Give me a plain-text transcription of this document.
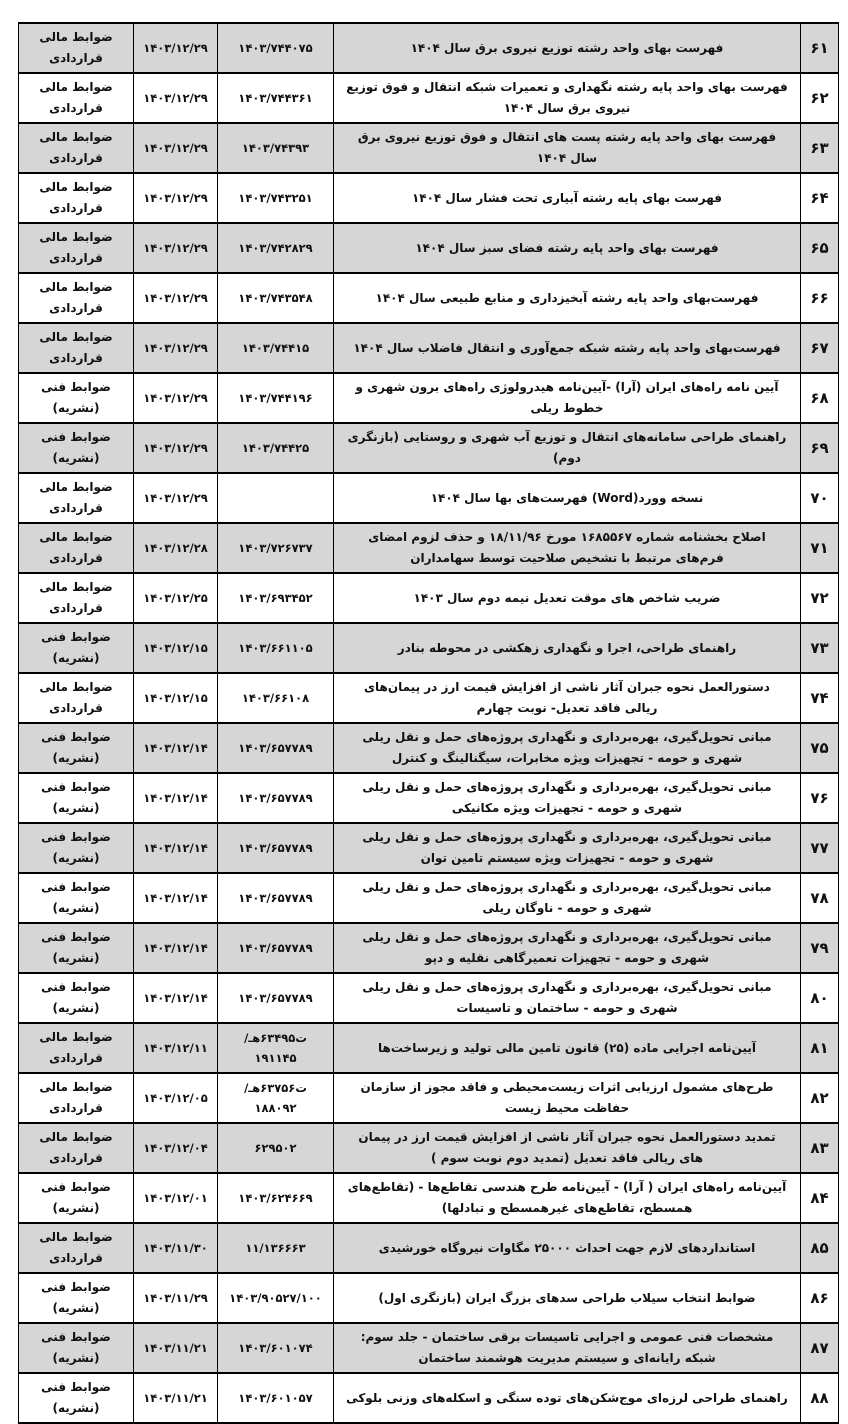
۶۱	فهرست بهای واحد رشته توزیع نیروی برق سال ۱۴۰۴	۱۴۰۳/۷۴۴۰۷۵	۱۴۰۳/۱۲/۲۹	ضوابط مالی قراردادی
۶۲	فهرست بهای واحد پایه رشته نگهداری و تعمیرات شبکه انتقال و فوق توزیع نیروی برق سال ۱۴۰۴	۱۴۰۳/۷۴۴۳۶۱	۱۴۰۳/۱۲/۲۹	ضوابط مالی قراردادی
۶۳	فهرست بهای واحد پایه رشته پست های انتقال و فوق توزیع نیروی برق سال ۱۴۰۴	۱۴۰۳/۷۴۳۹۳	۱۴۰۳/۱۲/۲۹	ضوابط مالی قراردادی
۶۴	فهرست بهای پایه رشته آبیاری تحت فشار سال ۱۴۰۴	۱۴۰۳/۷۴۳۲۵۱	۱۴۰۳/۱۲/۲۹	ضوابط مالی قراردادی
۶۵	فهرست بهای واحد پایه رشته فضای سبز سال ۱۴۰۴	۱۴۰۳/۷۴۲۸۲۹	۱۴۰۳/۱۲/۲۹	ضوابط مالی قراردادی
۶۶	فهرست‌بهای واحد پایه رشته آبخیزداری و منابع طبیعی سال ۱۴۰۴	۱۴۰۳/۷۴۳۵۴۸	۱۴۰۳/۱۲/۲۹	ضوابط مالی قراردادی
۶۷	فهرست‌بهای واحد پایه رشته شبکه جمع‌آوری و انتقال فاضلاب سال ۱۴۰۴	۱۴۰۳/۷۴۴۱۵	۱۴۰۳/۱۲/۲۹	ضوابط مالی قراردادی
۶۸	آیین نامه راه‌های ایران (آرا) -آیین‌نامه هیدرولوژی راه‌های برون شهری و خطوط ریلی	۱۴۰۳/۷۴۴۱۹۶	۱۴۰۳/۱۲/۲۹	ضوابط فنی (نشریه)
۶۹	راهنمای طراحی سامانه‌های انتقال و توزیع آب شهری و روستایی (بازنگری دوم)	۱۴۰۳/۷۴۴۲۵	۱۴۰۳/۱۲/۲۹	ضوابط فنی (نشریه)
۷۰	نسخه وورد(Word) فهرست‌های بها سال ۱۴۰۴		۱۴۰۳/۱۲/۲۹	ضوابط مالی قراردادی
۷۱	اصلاح بخشنامه شماره ۱۶۸۵۵۶۷ مورخ ۱۸/۱۱/۹۶ و حذف لزوم امضای فرم‌های مرتبط با تشخیص صلاحیت توسط سهامداران	۱۴۰۳/۷۲۶۷۳۷	۱۴۰۳/۱۲/۲۸	ضوابط مالی قراردادی
۷۲	ضریب شاخص های موقت تعدیل نیمه دوم سال ۱۴۰۳	۱۴۰۳/۶۹۳۴۵۲	۱۴۰۳/۱۲/۲۵	ضوابط مالی قراردادی
۷۳	راهنمای طراحی، اجرا و نگهداری زهکشی در محوطه بنادر	۱۴۰۳/۶۶۱۱۰۵	۱۴۰۳/۱۲/۱۵	ضوابط فنی (نشریه)
۷۴	دستورالعمل نحوه جبران آثار ناشی از افزایش قیمت ارز در پیمان‌های ریالی فاقد تعدیل- نوبت چهارم	۱۴۰۳/۶۶۱۰۸	۱۴۰۳/۱۲/۱۵	ضوابط مالی قراردادی
۷۵	مبانی تحویل‌گیری، بهره‌برداری و نگهداری پروژه‌های حمل و نقل ریلی شهری و حومه - تجهیزات ویژه مخابرات، سیگنالینگ و کنترل	۱۴۰۳/۶۵۷۷۸۹	۱۴۰۳/۱۲/۱۴	ضوابط فنی (نشریه)
۷۶	مبانی تحویل‌گیری، بهره‌برداری و نگهداری پروژه‌های حمل و نقل ریلی شهری و حومه - تجهیزات ویژه مکانیکی	۱۴۰۳/۶۵۷۷۸۹	۱۴۰۳/۱۲/۱۴	ضوابط فنی (نشریه)
۷۷	مبانی تحویل‌گیری، بهره‌برداری و نگهداری پروژه‌های حمل و نقل ریلی شهری و حومه - تجهیزات ویژه سیستم تامین توان	۱۴۰۳/۶۵۷۷۸۹	۱۴۰۳/۱۲/۱۴	ضوابط فنی (نشریه)
۷۸	مبانی تحویل‌گیری، بهره‌برداری و نگهداری پروژه‌های حمل و نقل ریلی شهری و حومه - ناوگان ریلی	۱۴۰۳/۶۵۷۷۸۹	۱۴۰۳/۱۲/۱۴	ضوابط فنی (نشریه)
۷۹	مبانی تحویل‌گیری، بهره‌برداری و نگهداری پروژه‌های حمل و نقل ریلی شهری و حومه - تجهیزات تعمیرگاهی نقلیه و دپو	۱۴۰۳/۶۵۷۷۸۹	۱۴۰۳/۱۲/۱۴	ضوابط فنی (نشریه)
۸۰	مبانی تحویل‌گیری، بهره‌برداری و نگهداری پروژه‌های حمل و نقل ریلی شهری و حومه - ساختمان و تاسیسات	۱۴۰۳/۶۵۷۷۸۹	۱۴۰۳/۱۲/۱۴	ضوابط فنی (نشریه)
۸۱	آیین‌نامه اجرایی ماده (۲۵) قانون تامین مالی تولید و زیرساخت‌ها	ت۶۳۴۹۵هـ/۱۹۱۱۴۵	۱۴۰۳/۱۲/۱۱	ضوابط مالی قراردادی
۸۲	طرح‌های مشمول ارزیابی اثرات زیست‌محیطی و فاقد مجوز از سازمان حفاظت محیط زیست	ت۶۳۷۵۶هـ/۱۸۸۰۹۲	۱۴۰۳/۱۲/۰۵	ضوابط مالی قراردادی
۸۳	تمدید دستورالعمل نحوه جبران آثار ناشی از افزایش قیمت ارز در پیمان های ریالی فاقد تعدیل (تمدید دوم نوبت سوم )	۶۲۹۵۰۲	۱۴۰۳/۱۲/۰۴	ضوابط مالی قراردادی
۸۴	آیین‌نامه راه‌های ایران ( آرا) - آیین‌نامه طرح هندسی تقاطع‌ها - (تقاطع‌های همسطح، تقاطع‌های غیرهمسطح و تبادلها)	۱۴۰۳/۶۲۴۶۶۹	۱۴۰۳/۱۲/۰۱	ضوابط فنی (نشریه)
۸۵	استانداردهای لازم جهت احداث ۲۵۰۰۰ مگاوات نیروگاه خورشیدی	۱۱/۱۳۶۶۶۳	۱۴۰۳/۱۱/۳۰	ضوابط مالی قراردادی
۸۶	ضوابط انتخاب سیلاب طراحی سدهای بزرگ ایران (بازنگری اول)	۱۴۰۳/۹۰۵۲۷/۱۰۰	۱۴۰۳/۱۱/۲۹	ضوابط فنی (نشریه)
۸۷	مشخصات فنی عمومی و اجرایی تاسیسات برقی ساختمان - جلد سوم: شبکه رایانه‌ای و سیستم مدیریت هوشمند ساختمان	۱۴۰۳/۶۰۱۰۷۴	۱۴۰۳/۱۱/۲۱	ضوابط فنی (نشریه)
۸۸	راهنمای طراحی لرزه‌ای موج‌شکن‌های توده سنگی و اسکله‌های وزنی بلوکی	۱۴۰۳/۶۰۱۰۵۷	۱۴۰۳/۱۱/۲۱	ضوابط فنی (نشریه)
